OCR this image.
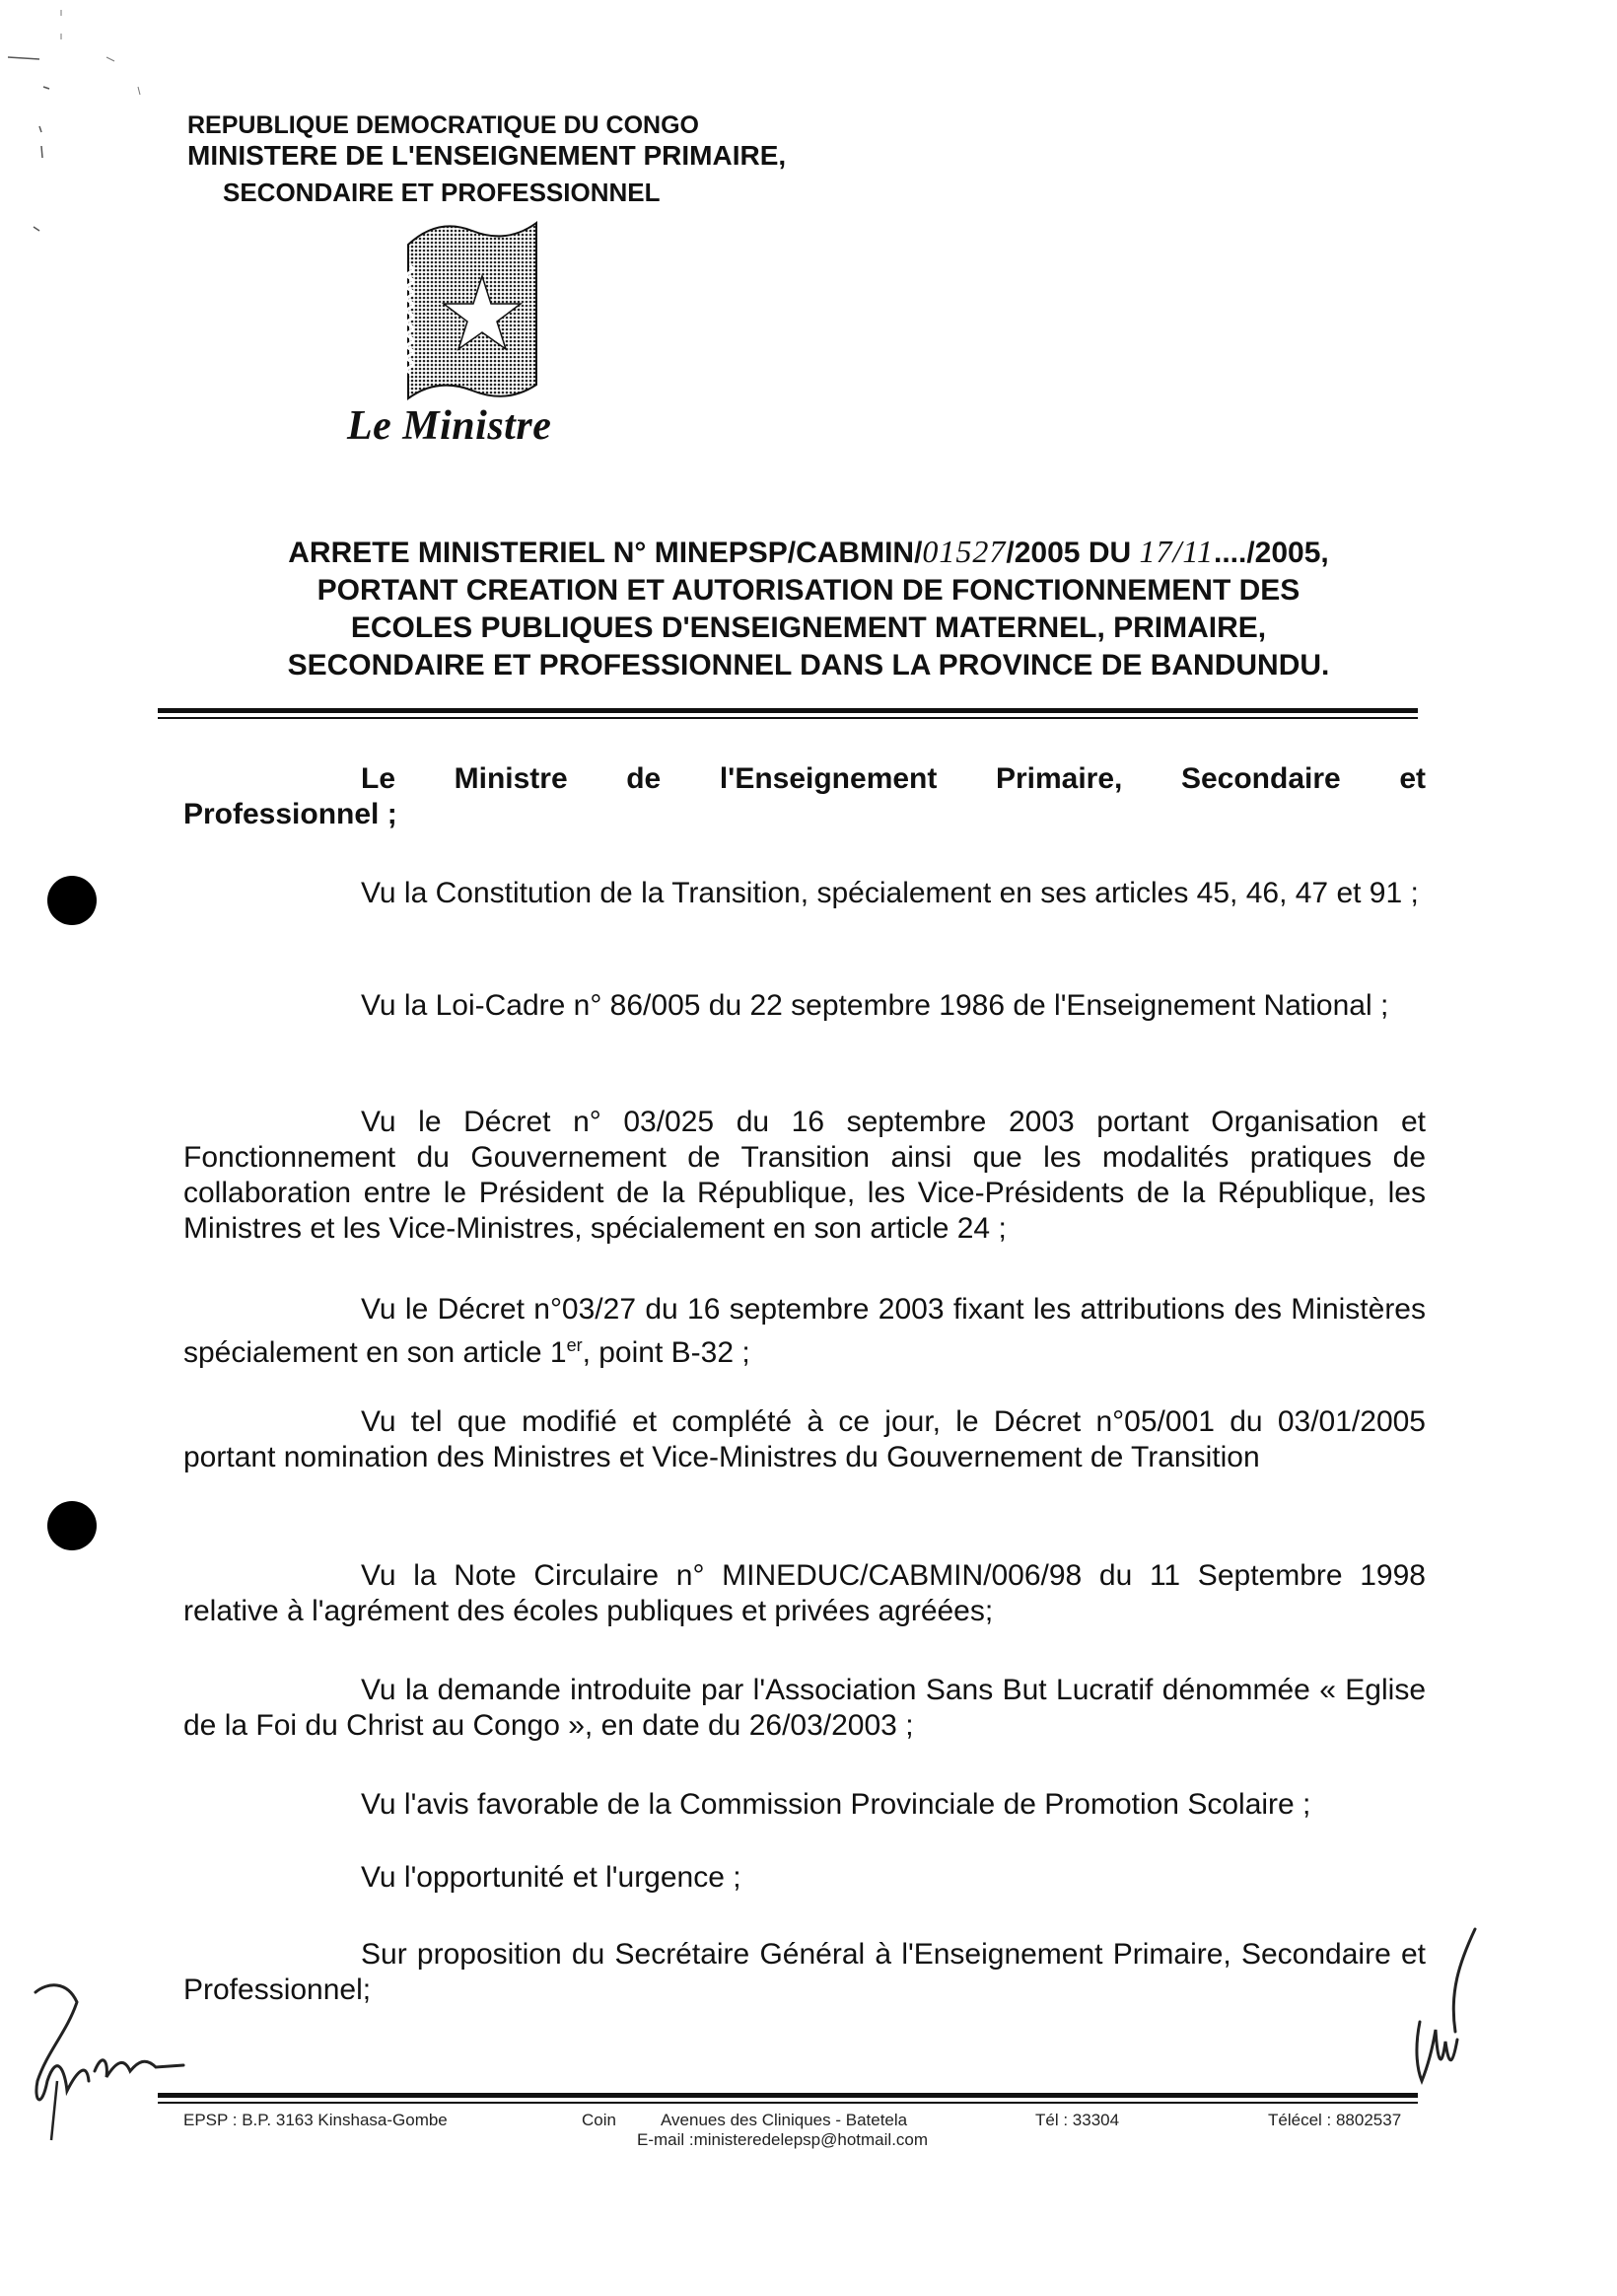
REPUBLIQUE DEMOCRATIQUE DU CONGO
MINISTERE DE L'ENSEIGNEMENT PRIMAIRE,
SECONDAIRE ET PROFESSIONNEL
Le Ministre
ARRETE MINISTERIEL N° MINEPSP/CABMIN/01527/2005 DU 17/11..../2005,
PORTANT CREATION ET AUTORISATION DE FONCTIONNEMENT DES
ECOLES PUBLIQUES D'ENSEIGNEMENT MATERNEL, PRIMAIRE,
SECONDAIRE ET PROFESSIONNEL DANS LA PROVINCE DE BANDUNDU.
Le Ministre de l'Enseignement Primaire, Secondaire et
Professionnel ;
Vu la Constitution de la Transition, spécialement en ses articles 45, 46, 47 et 91 ;
Vu la Loi-Cadre n° 86/005 du 22 septembre 1986 de l'Enseignement National ;
Vu le Décret n° 03/025 du 16 septembre 2003 portant Organisation et Fonctionnement du Gouvernement de Transition ainsi que les modalités pratiques de collaboration entre le Président de la République, les Vice-Présidents de la République, les Ministres et les Vice-Ministres, spécialement en son article 24 ;
Vu le Décret n°03/27 du 16 septembre 2003 fixant les attributions des Ministères spécialement en son article 1er, point B-32 ;
Vu tel que modifié et complété à ce jour, le Décret n°05/001 du 03/01/2005 portant nomination des Ministres et Vice-Ministres du Gouvernement de Transition
Vu la Note Circulaire n° MINEDUC/CABMIN/006/98 du 11 Septembre 1998 relative à l'agrément des écoles publiques et privées agréées;
Vu la demande introduite par l'Association Sans But Lucratif dénommée « Eglise de la Foi du Christ au Congo », en date du 26/03/2003 ;
Vu l'avis favorable de la Commission Provinciale de Promotion Scolaire ;
Vu l'opportunité et l'urgence ;
Sur proposition du Secrétaire Général à l'Enseignement Primaire, Secondaire et Professionnel;
EPSP : B.P. 3163 Kinshasa-Gombe	Coin	Avenues des Cliniques - Batetela	Tél : 33304	Télécel : 8802537
E-mail :ministeredelepsp@hotmail.com
